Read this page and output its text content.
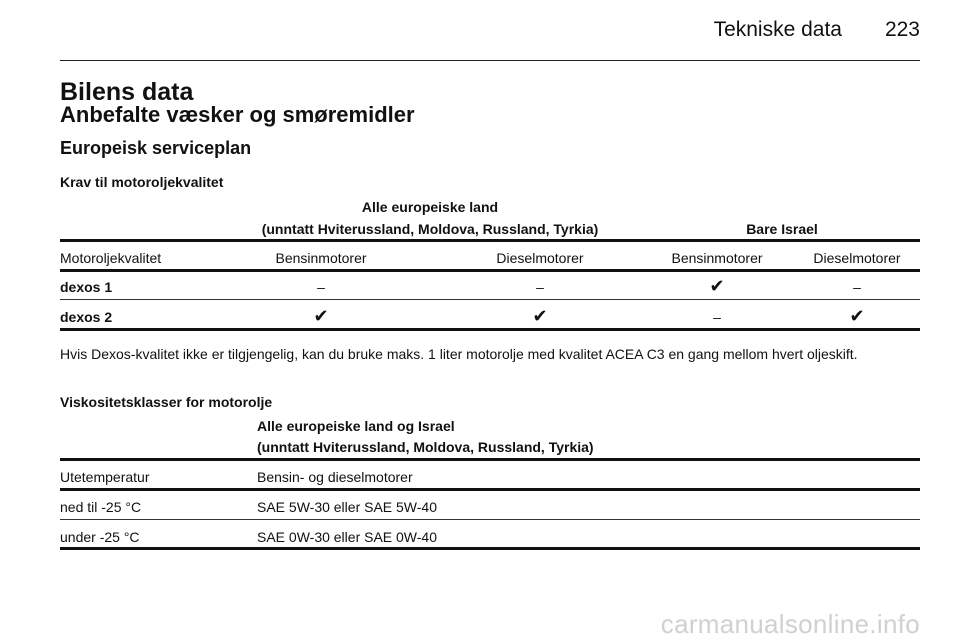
Tekniske data 223
Bilens data
Anbefalte væsker og smøremidler
Europeisk serviceplan
Krav til motoroljekvalitet
Alle europeiske land
(unntatt Hviterussland, Moldova, Russland, Tyrkia)	Bare Israel
Motoroljekvalitet	Bensinmotorer	Dieselmotorer	Bensinmotorer	Dieselmotorer
dexos 1	–	–	✔	–
dexos 2	✔	✔	–	✔
Hvis Dexos-kvalitet ikke er tilgjengelig, kan du bruke maks. 1 liter motorolje med kvalitet ACEA C3 en gang mellom hvert oljeskift.
Viskositetsklasser for motorolje
Alle europeiske land og Israel
(unntatt Hviterussland, Moldova, Russland, Tyrkia)
Utetemperatur	Bensin- og dieselmotorer
ned til -25 °C	SAE 5W-30 eller SAE 5W-40
under -25 °C	SAE 0W-30 eller SAE 0W-40
carmanualsonline.info
